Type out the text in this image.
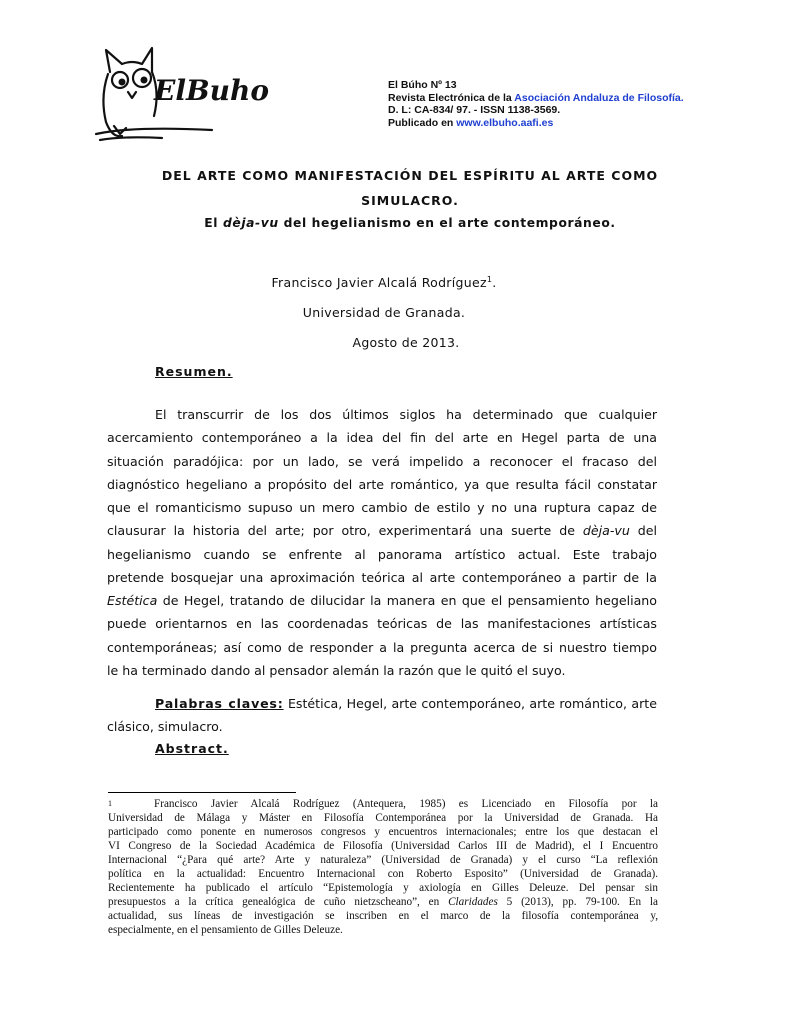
ElBuho	El Búho Nº 13
Revista Electrónica de la Asociación Andaluza de Filosofía.
D. L: CA-834/ 97. - ISSN 1138-3569.
Publicado en www.elbuho.aafi.es
DEL ARTE COMO MANIFESTACIÓN DEL ESPÍRITU AL ARTE COMO
SIMULACRO.
El dèja-vu del hegelianismo en el arte contemporáneo.
Francisco Javier Alcalá Rodríguez$^1$.
Universidad de Granada.
Agosto de 2013.
Resumen.
El transcurrir de los dos últimos siglos ha determinado que cualquier
acercamiento contemporáneo a la idea del fin del arte en Hegel parta de una
situación paradójica: por un lado, se verá impelido a reconocer el fracaso del
diagnóstico hegeliano a propósito del arte romántico, ya que resulta fácil constatar
que el romanticismo supuso un mero cambio de estilo y no una ruptura capaz de
clausurar la historia del arte; por otro, experimentará una suerte de dèja-vu del
hegelianismo cuando se enfrente al panorama artístico actual. Este trabajo
pretende bosquejar una aproximación teórica al arte contemporáneo a partir de la
Estética de Hegel, tratando de dilucidar la manera en que el pensamiento hegeliano
puede orientarnos en las coordenadas teóricas de las manifestaciones artísticas
contemporáneas; así como de responder a la pregunta acerca de si nuestro tiempo
le ha terminado dando al pensador alemán la razón que le quitó el suyo.
Palabras claves: Estética, Hegel, arte contemporáneo, arte romántico, arte
clásico, simulacro.
Abstract.
$^1$	Francisco Javier Alcalá Rodríguez (Antequera, 1985) es Licenciado en Filosofía por la
Universidad de Málaga y Máster en Filosofía Contemporánea por la Universidad de Granada. Ha
participado como ponente en numerosos congresos y encuentros internacionales; entre los que destacan el
VI Congreso de la Sociedad Académica de Filosofía (Universidad Carlos III de Madrid), el I Encuentro
Internacional “¿Para qué arte? Arte y naturaleza” (Universidad de Granada) y el curso “La reflexión
política en la actualidad: Encuentro Internacional con Roberto Esposito” (Universidad de Granada).
Recientemente ha publicado el artículo “Epistemología y axiología en Gilles Deleuze. Del pensar sin
presupuestos a la crítica genealógica de cuño nietzscheano”, en Claridades 5 (2013), pp. 79-100. En la
actualidad, sus líneas de investigación se inscriben en el marco de la filosofía contemporánea y,
especialmente, en el pensamiento de Gilles Deleuze.
